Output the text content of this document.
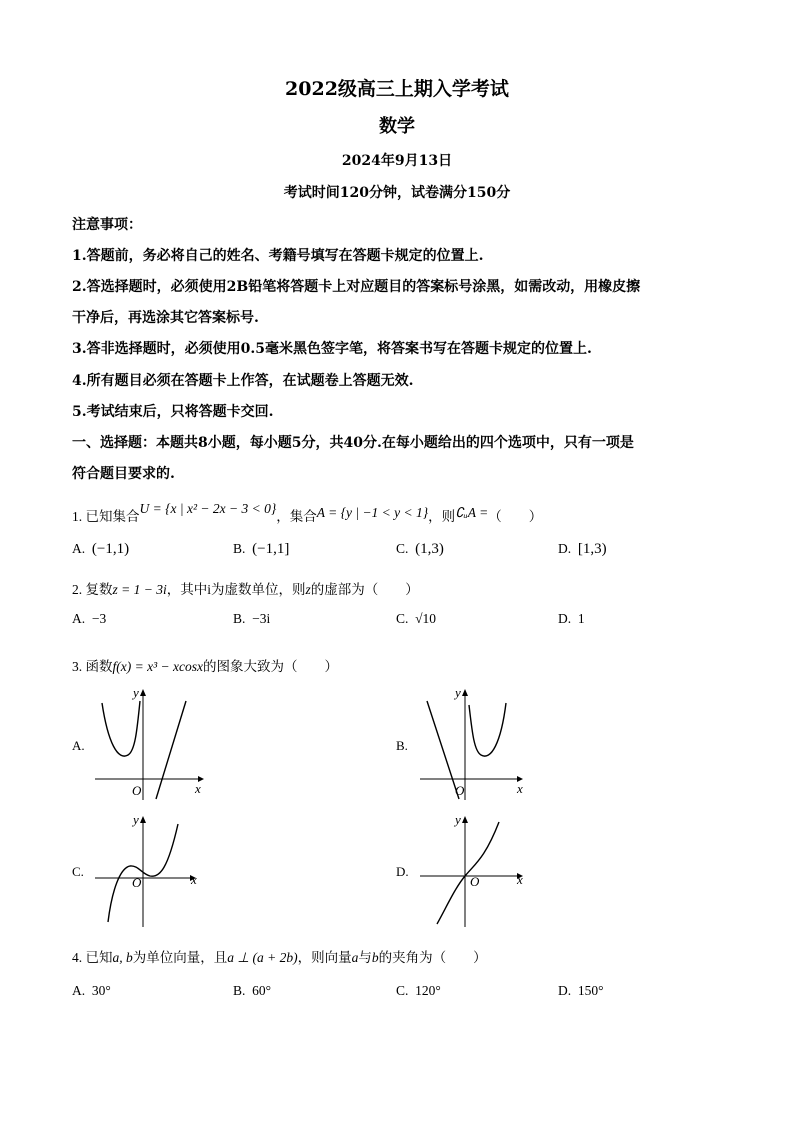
2022级高三上期入学考试
数学
2024年9月13日
考试时间120分钟，试卷满分150分
注意事项：
1.答题前，务必将自己的姓名、考籍号填写在答题卡规定的位置上.
2.答选择题时，必须使用2B铅笔将答题卡上对应题目的答案标号涂黑，如需改动，用橡皮擦
干净后，再选涂其它答案标号.
3.答非选择题时，必须使用0.5毫米黑色签字笔，将答案书写在答题卡规定的位置上.
4.所有题目必须在答题卡上作答，在试题卷上答题无效.
5.考试结束后，只将答题卡交回.
一、选择题：本题共8小题，每小题5分，共40分.在每小题给出的四个选项中，只有一项是
符合题目要求的.
1. 已知集合U = {x | x² − 2x − 3 < 0}，集合A = {y | −1 < y < 1}，则∁ᵤA =（　　）
A. (−1,1)	B. (−1,1]	C. (1,3)	D. [1,3)
2. 复数z = 1 − 3i，其中i为虚数单位，则z的虚部为（　　）
A. −3	B. −3i	C. √10	D. 1
3. 函数f(x) = x³ − xcosx的图象大致为（　　）
A.
y
x
O
B.
y
x
O
C.
y
x
O
D.
y
x
O
4. 已知a, b为单位向量，且a ⊥ (a + 2b)，则向量a与b的夹角为（　　）
A. 30°	B. 60°	C. 120°	D. 150°
